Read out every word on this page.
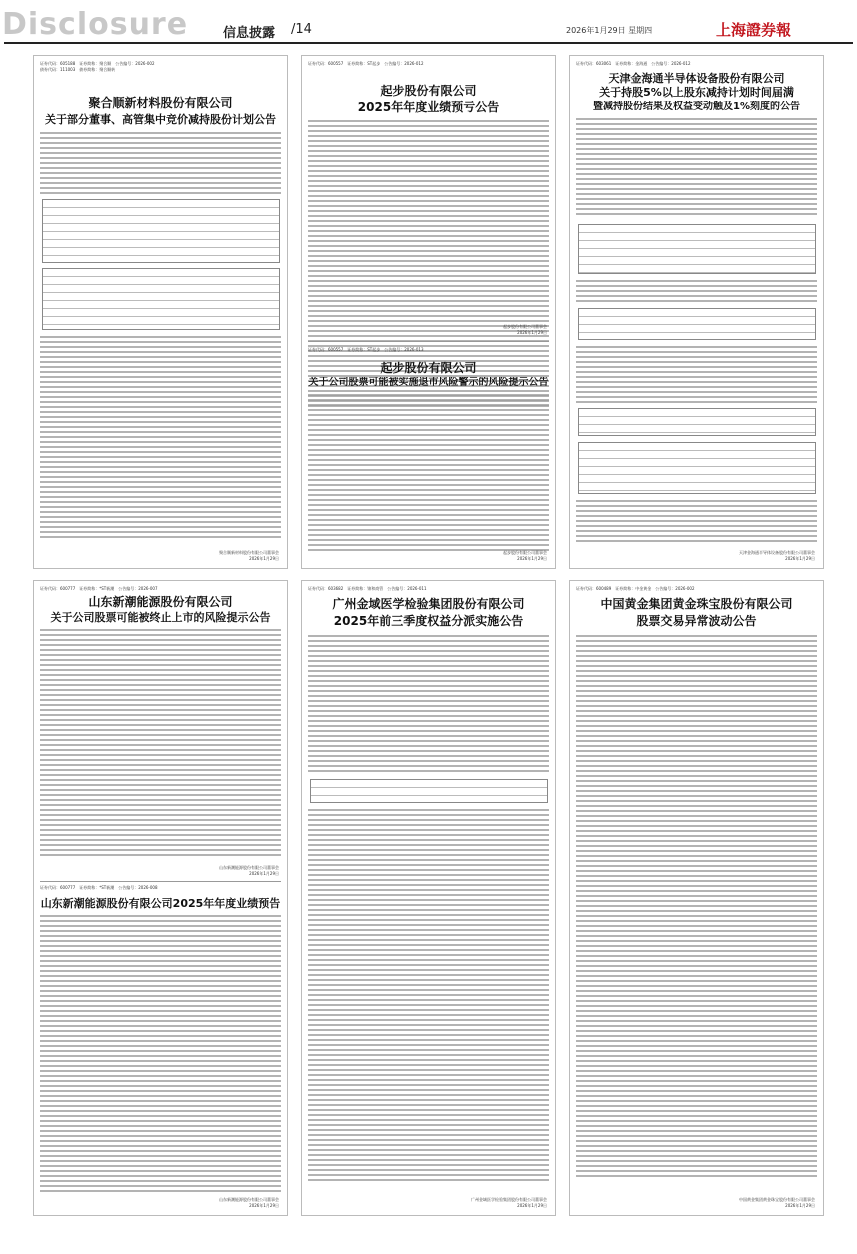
Disclosure	信息披露 /14	2026年1月29日 星期四	上海證券報
证券代码：605188　证券简称：聚合顺　公告编号：2026-002
债券代码：111003　债券简称：聚合顺转
聚合顺新材料股份有限公司
关于部分董事、高管集中竞价减持股份计划公告
聚合顺新材料股份有限公司董事会
2026年1月29日
证券代码：600557　证券简称：ST起步　公告编号：2026-012
起步股份有限公司
2025年年度业绩预亏公告
起步股份有限公司董事会
2026年1月29日
证券代码：600557　证券简称：ST起步　公告编号：2026-013
起步股份有限公司
关于公司股票可能被实施退市风险警示的风险提示公告
起步股份有限公司董事会
2026年1月29日
证券代码：603061　证券简称：金海通　公告编号：2026-012
天津金海通半导体设备股份有限公司
关于持股5%以上股东减持计划时间届满
暨减持股份结果及权益变动触及1%刻度的公告
天津金海通半导体设备股份有限公司董事会
2026年1月29日
证券代码：600777　证券简称：*ST新潮　公告编号：2026-007
山东新潮能源股份有限公司
关于公司股票可能被终止上市的风险提示公告
山东新潮能源股份有限公司董事会
2026年1月29日
证券代码：600777　证券简称：*ST新潮　公告编号：2026-008
山东新潮能源股份有限公司2025年年度业绩预告
山东新潮能源股份有限公司董事会
2026年1月29日
证券代码：603682　证券简称：锦和商管　公告编号：2026-011
广州金域医学检验集团股份有限公司
2025年前三季度权益分派实施公告
广州金域医学检验集团股份有限公司董事会
2026年1月29日
证券代码：600489　证券简称：中金黄金　公告编号：2026-002
中国黄金集团黄金珠宝股份有限公司
股票交易异常波动公告
中国黄金集团黄金珠宝股份有限公司董事会
2026年1月29日
